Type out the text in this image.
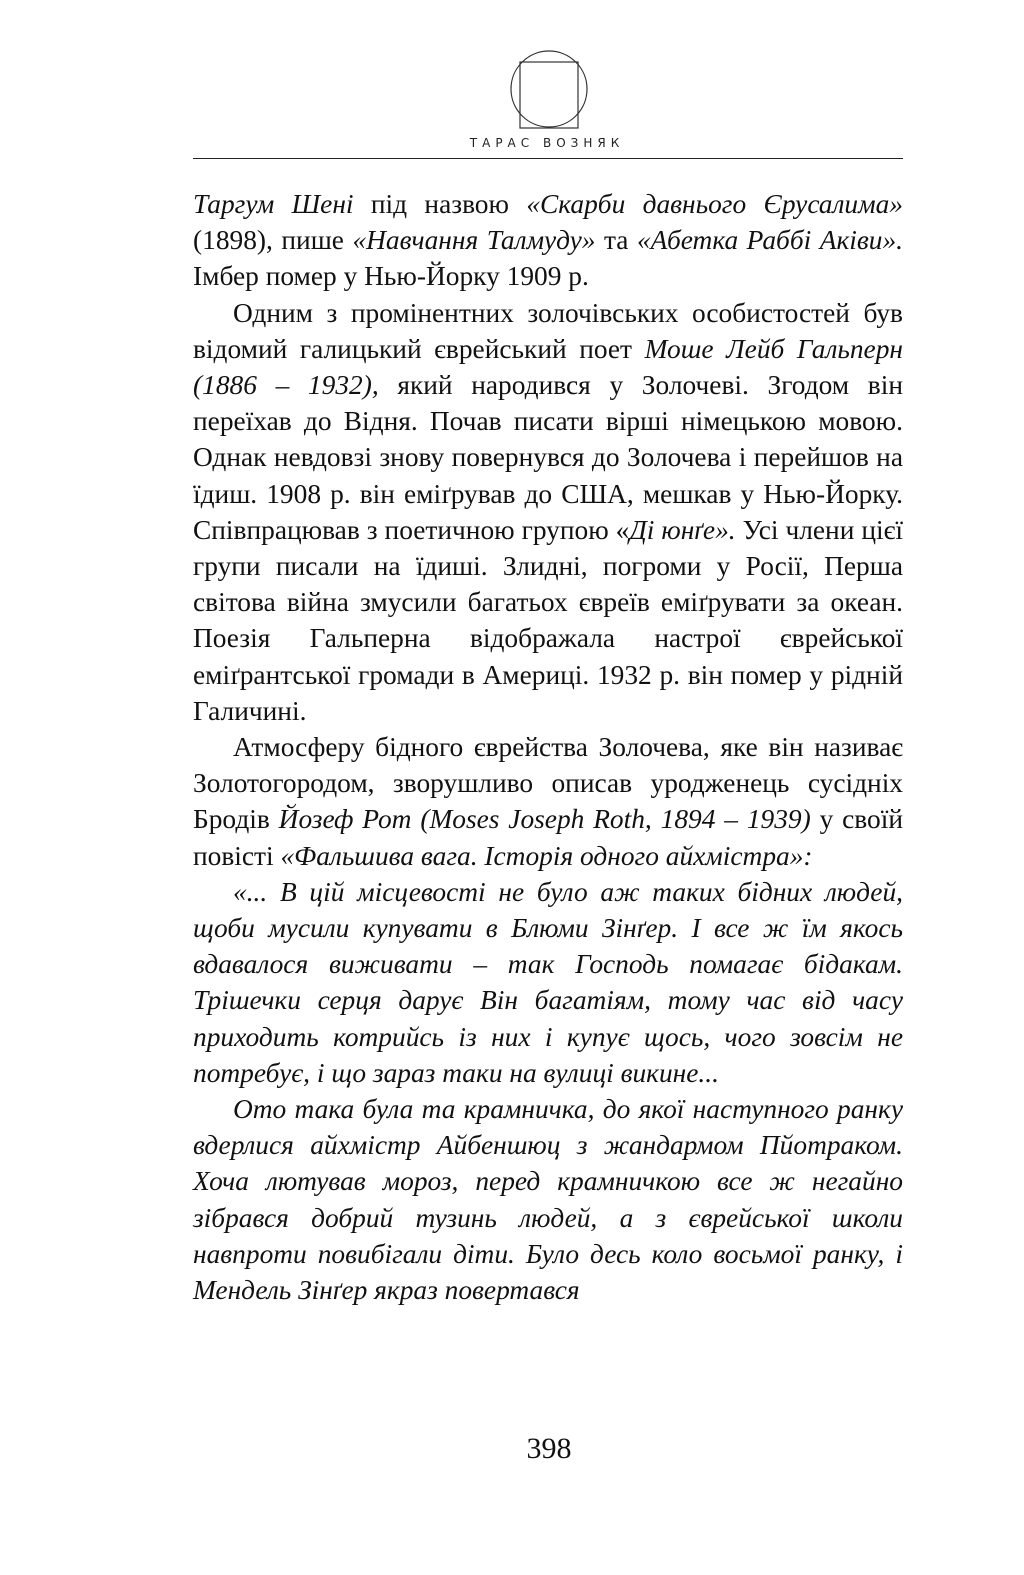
ТАРАС ВОЗНЯК

Таргум Шені під назвою «Скарби давнього Єрусалима» (1898), пише «Навчання Талмуду» та «Абетка Раббі Аківи». Імбер помер у Нью-Йорку 1909 р.

Одним з промінентних золочівських особистостей був відомий галицький єврейський поет Моше Лейб Гальперн (1886 – 1932), який народився у Золочеві. Згодом він переїхав до Відня. Почав писати вірші німецькою мовою. Однак невдовзі знову повернувся до Золочева і перейшов на їдиш. 1908 р. він еміґрував до США, мешкав у Нью-Йорку. Співпрацював з поетичною групою «Ді юнґе». Усі члени цієї групи писали на їдиші. Злидні, погроми у Росії, Перша світова війна змусили багатьох євреїв еміґрувати за океан. Поезія Гальперна відображала настрої єврейської еміґрантської громади в Америці. 1932 р. він помер у рідній Галичині.

Атмосферу бідного єврейства Золочева, яке він називає Золотогородом, зворушливо описав уродженець сусідніх Бродів Йозеф Рот (Moses Joseph Roth, 1894 – 1939) у своїй повісті «Фальшива вага. Історія одного айхмістра»:

«... В цій місцевості не було аж таких бідних людей, щоби мусили купувати в Блюми Зінґер. І все ж їм якось вдавалося виживати – так Господь помагає бідакам. Трішечки серця дарує Він багатіям, тому час від часу приходить котрийсь із них і купує щось, чого зовсім не потребує, і що зараз таки на вулиці викине...

Ото така була та крамничка, до якої наступного ранку вдерлися айхмістр Айбеншюц з жандармом Пйотраком. Хоча лютував мороз, перед крамничкою все ж негайно зібрався добрий тузинь людей, а з єврейської школи навпроти повибігали діти. Було десь коло восьмої ранку, і Мендель Зінґер якраз повертався

398
